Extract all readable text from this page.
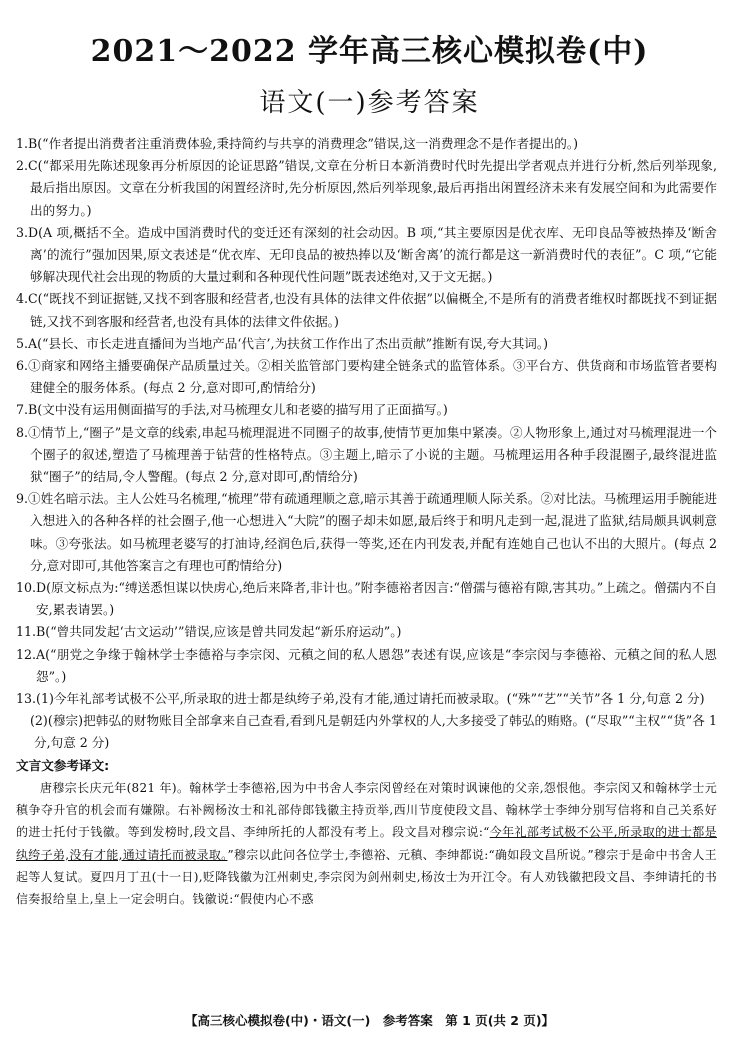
2021～2022 学年高三核心模拟卷(中)
语文(一)参考答案

1.B(“作者提出消费者注重消费体验,秉持简约与共享的消费理念”错误,这一消费理念不是作者提出的。)

2.C(“都采用先陈述现象再分析原因的论证思路”错误,文章在分析日本新消费时代时先提出学者观点并进行分析,然后列举现象,最后指出原因。文章在分析我国的闲置经济时,先分析原因,然后列举现象,最后再指出闲置经济未来有发展空间和为此需要作出的努力。)

3.D(A 项,概括不全。造成中国消费时代的变迁还有深刻的社会动因。B 项,“其主要原因是优衣库、无印良品等被热捧及‘断舍离’的流行”强加因果,原文表述是“优衣库、无印良品的被热捧以及‘断舍离’的流行都是这一新消费时代的表征”。C 项,“它能够解决现代社会出现的物质的大量过剩和各种现代性问题”既表述绝对,又于文无据。)

4.C(“既找不到证据链,又找不到客服和经营者,也没有具体的法律文件依据”以偏概全,不是所有的消费者维权时都既找不到证据链,又找不到客服和经营者,也没有具体的法律文件依据。)

5.A(“县长、市长走进直播间为当地产品‘代言’,为扶贫工作作出了杰出贡献”推断有误,夸大其词。)

6.①商家和网络主播要确保产品质量过关。②相关监管部门要构建全链条式的监管体系。③平台方、供货商和市场监管者要构建健全的服务体系。(每点 2 分,意对即可,酌情给分)

7.B(文中没有运用侧面描写的手法,对马梳理女儿和老婆的描写用了正面描写。)

8.①情节上,“圈子”是文章的线索,串起马梳理混进不同圈子的故事,使情节更加集中紧凑。②人物形象上,通过对马梳理混进一个个圈子的叙述,塑造了马梳理善于钻营的性格特点。③主题上,暗示了小说的主题。马梳理运用各种手段混圈子,最终混进监狱“圈子”的结局,令人警醒。(每点 2 分,意对即可,酌情给分)

9.①姓名暗示法。主人公姓马名梳理,“梳理”带有疏通理顺之意,暗示其善于疏通理顺人际关系。②对比法。马梳理运用手腕能进入想进入的各种各样的社会圈子,他一心想进入“大院”的圈子却未如愿,最后终于和明凡走到一起,混进了监狱,结局颇具讽刺意味。③夸张法。如马梳理老婆写的打油诗,经润色后,获得一等奖,还在内刊发表,并配有连她自己也认不出的大照片。(每点 2 分,意对即可,其他答案言之有理也可酌情给分)

10.D(原文标点为:“缚送悉怛谋以快虏心,绝后来降者,非计也。”附李德裕者因言:“僧孺与德裕有隙,害其功。”上疏之。僧孺内不自安,累表请罢。)

11.B(“曾共同发起‘古文运动’”错误,应该是曾共同发起“新乐府运动”。)

12.A(“朋党之争缘于翰林学士李德裕与李宗闵、元稹之间的私人恩怨”表述有误,应该是“李宗闵与李德裕、元稹之间的私人恩怨”。)

13.(1)今年礼部考试极不公平,所录取的进士都是纨绔子弟,没有才能,通过请托而被录取。(“殊”“艺”“关节”各 1 分,句意 2 分)

(2)(穆宗)把韩弘的财物账目全部拿来自己查看,看到凡是朝廷内外掌权的人,大多接受了韩弘的贿赂。(“尽取”“主权”“货”各 1 分,句意 2 分)

文言文参考译文:

唐穆宗长庆元年(821 年)。翰林学士李德裕,因为中书舍人李宗闵曾经在对策时讽谏他的父亲,怨恨他。李宗闵又和翰林学士元稹争夺升官的机会而有嫌隙。右补阙杨汝士和礼部侍郎钱徽主持贡举,西川节度使段文昌、翰林学士李绅分别写信将和自己关系好的进士托付于钱徽。等到发榜时,段文昌、李绅所托的人都没有考上。段文昌对穆宗说:“今年礼部考试极不公平,所录取的进士都是纨绔子弟,没有才能,通过请托而被录取。”穆宗以此问各位学士,李德裕、元稹、李绅都说:“确如段文昌所说。”穆宗于是命中书舍人王起等人复试。夏四月丁丑(十一日),贬降钱徽为江州刺史,李宗闵为剑州刺史,杨汝士为开江令。有人劝钱徽把段文昌、李绅请托的书信奏报给皇上,皇上一定会明白。钱徽说:“假使内心不惑

【高三核心模拟卷(中)・语文(一)　参考答案　第 1 页(共 2 页)】
